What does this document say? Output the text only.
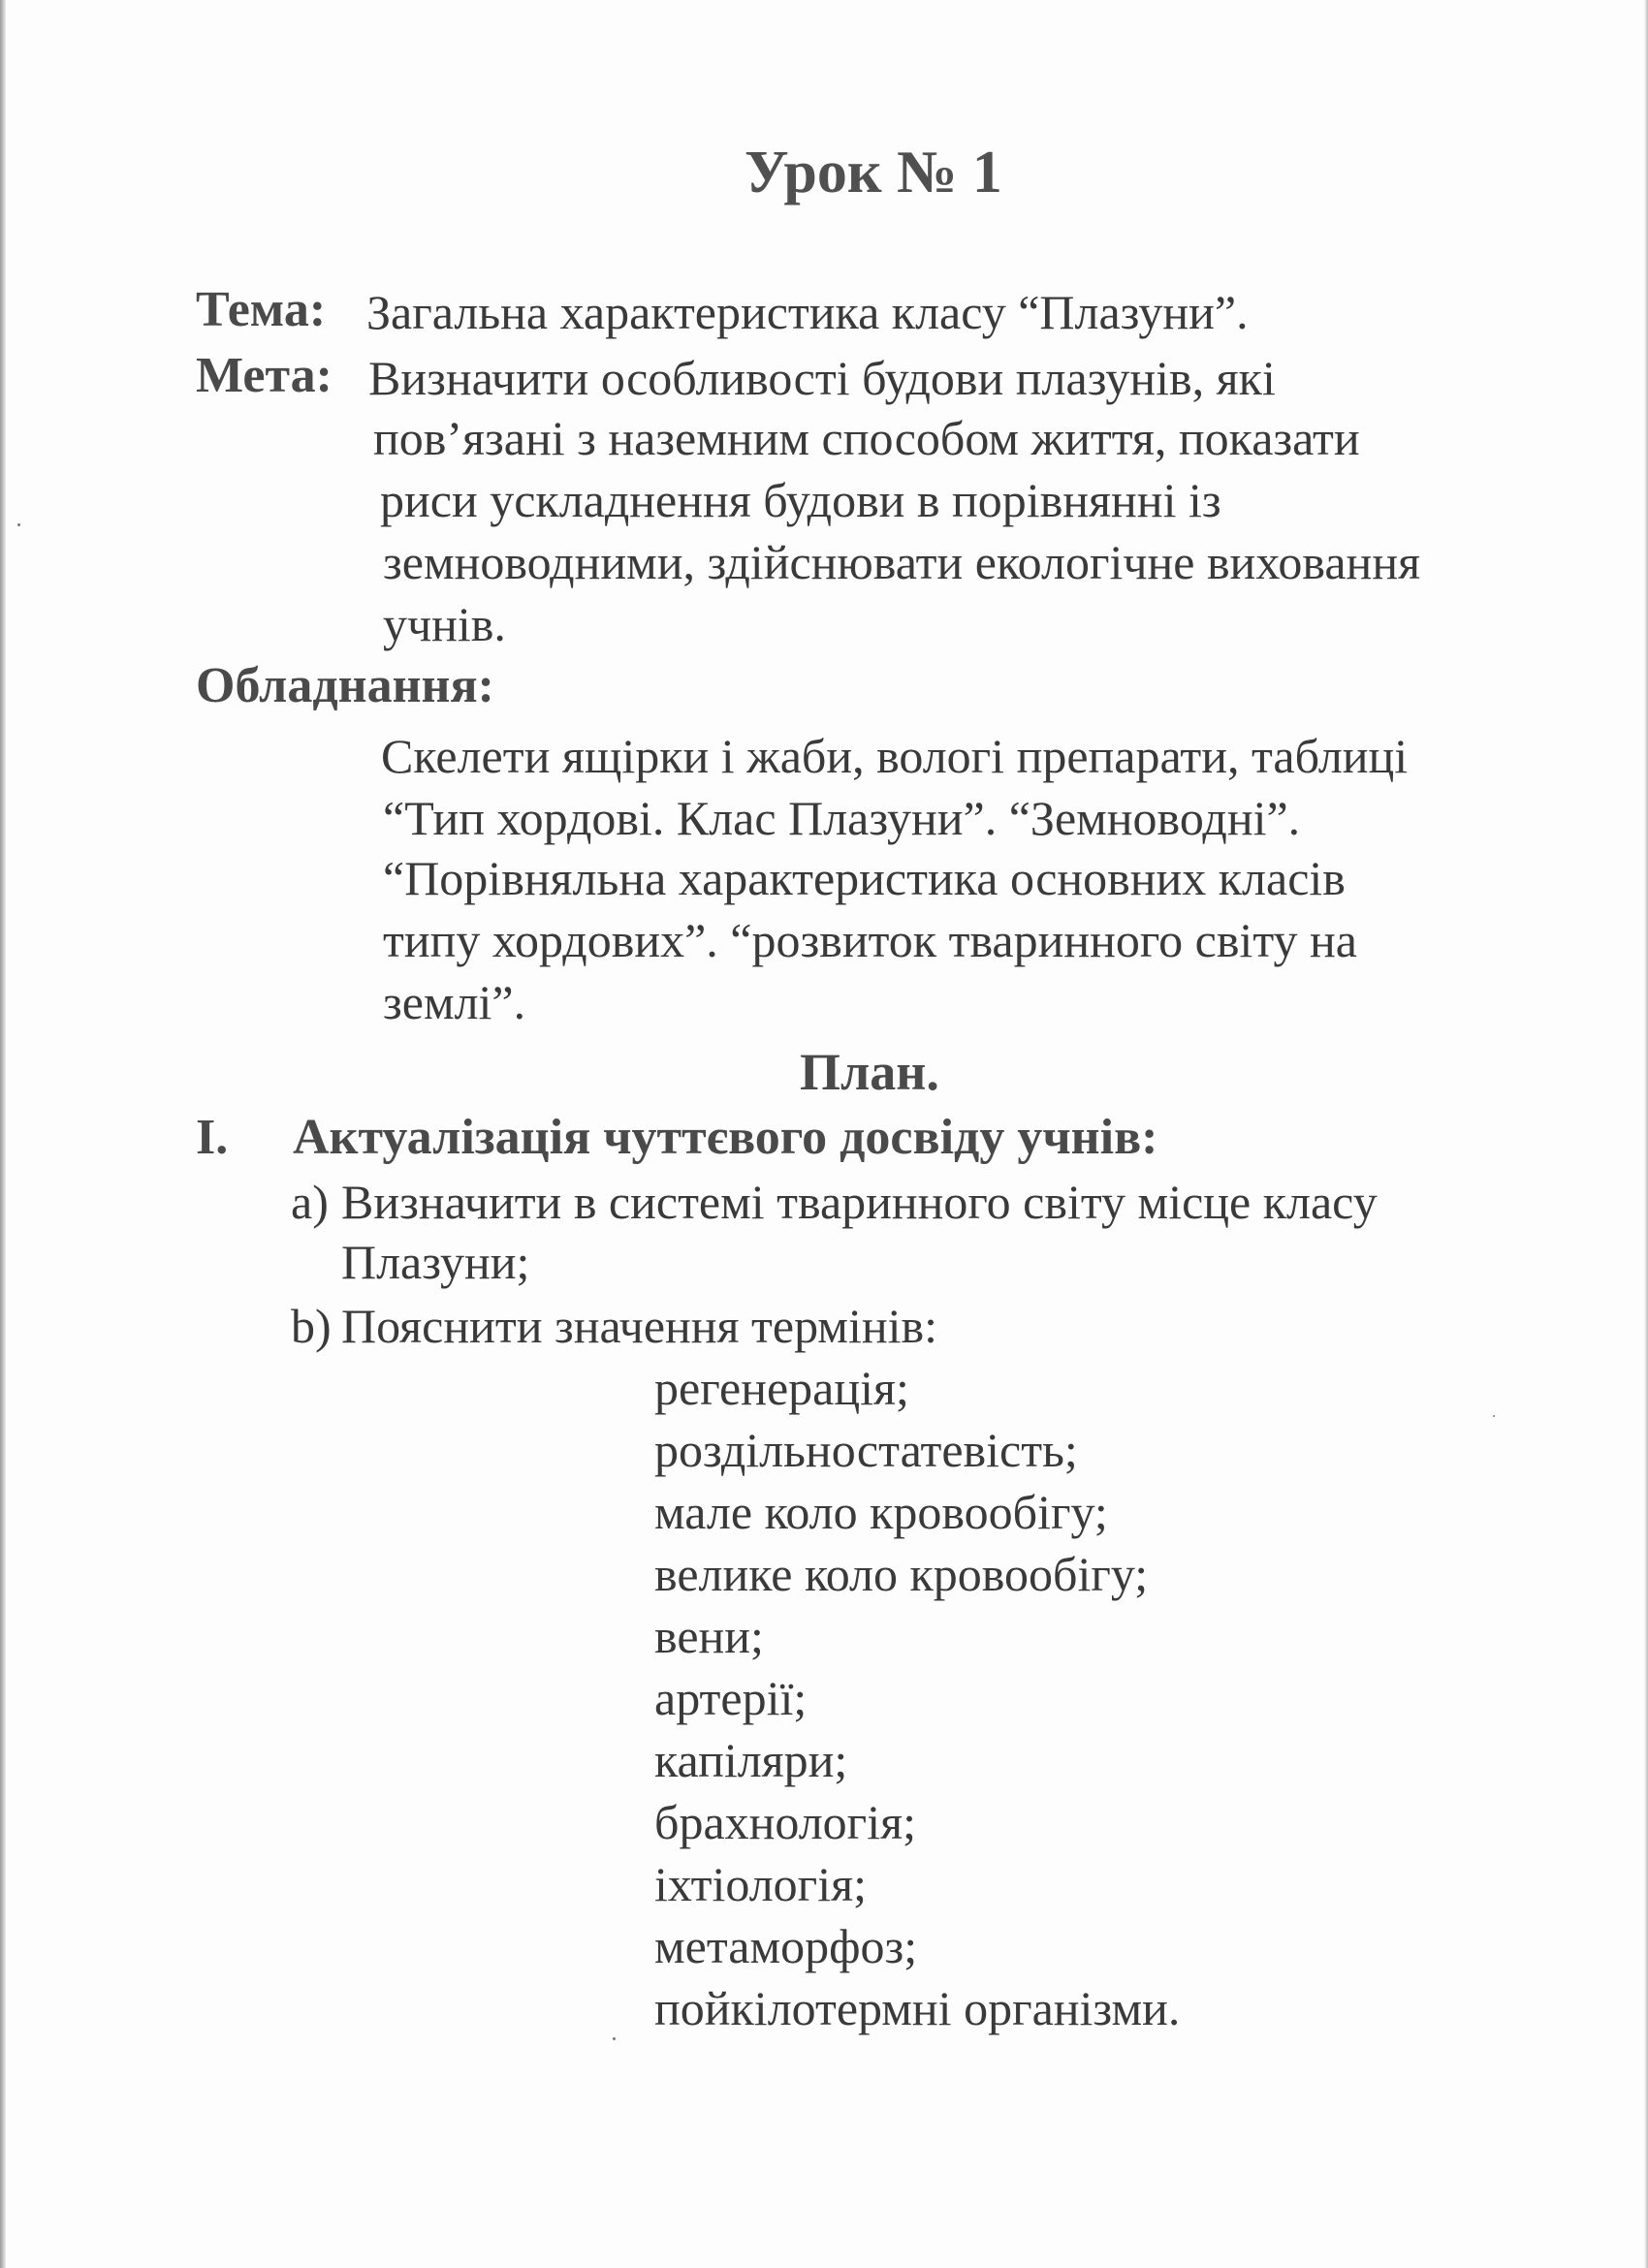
Урок № 1
Тема: Загальна характеристика класу “Плазуни”.
Мета: Визначити особливості будови плазунів, які
пов’язані з наземним способом життя, показати
риси ускладнення будови в порівнянні із
земноводними, здійснювати екологічне виховання
учнів.
Обладнання:
Скелети ящірки і жаби, вологі препарати, таблиці
“Тип хордові. Клас Плазуни”. “Земноводні”.
“Порівняльна характеристика основних класів
типу хордових”. “розвиток тваринного світу на
землі”.
План.
I. Актуалізація чуттєвого досвіду учнів:
a) Визначити в системі тваринного світу місце класу
Плазуни;
b) Пояснити значення термінів:
регенерація;
роздільностатевість;
мале коло кровообігу;
велике коло кровообігу;
вени;
артерії;
капіляри;
брахнологія;
іхтіологія;
метаморфоз;
пойкілотермні організми.
